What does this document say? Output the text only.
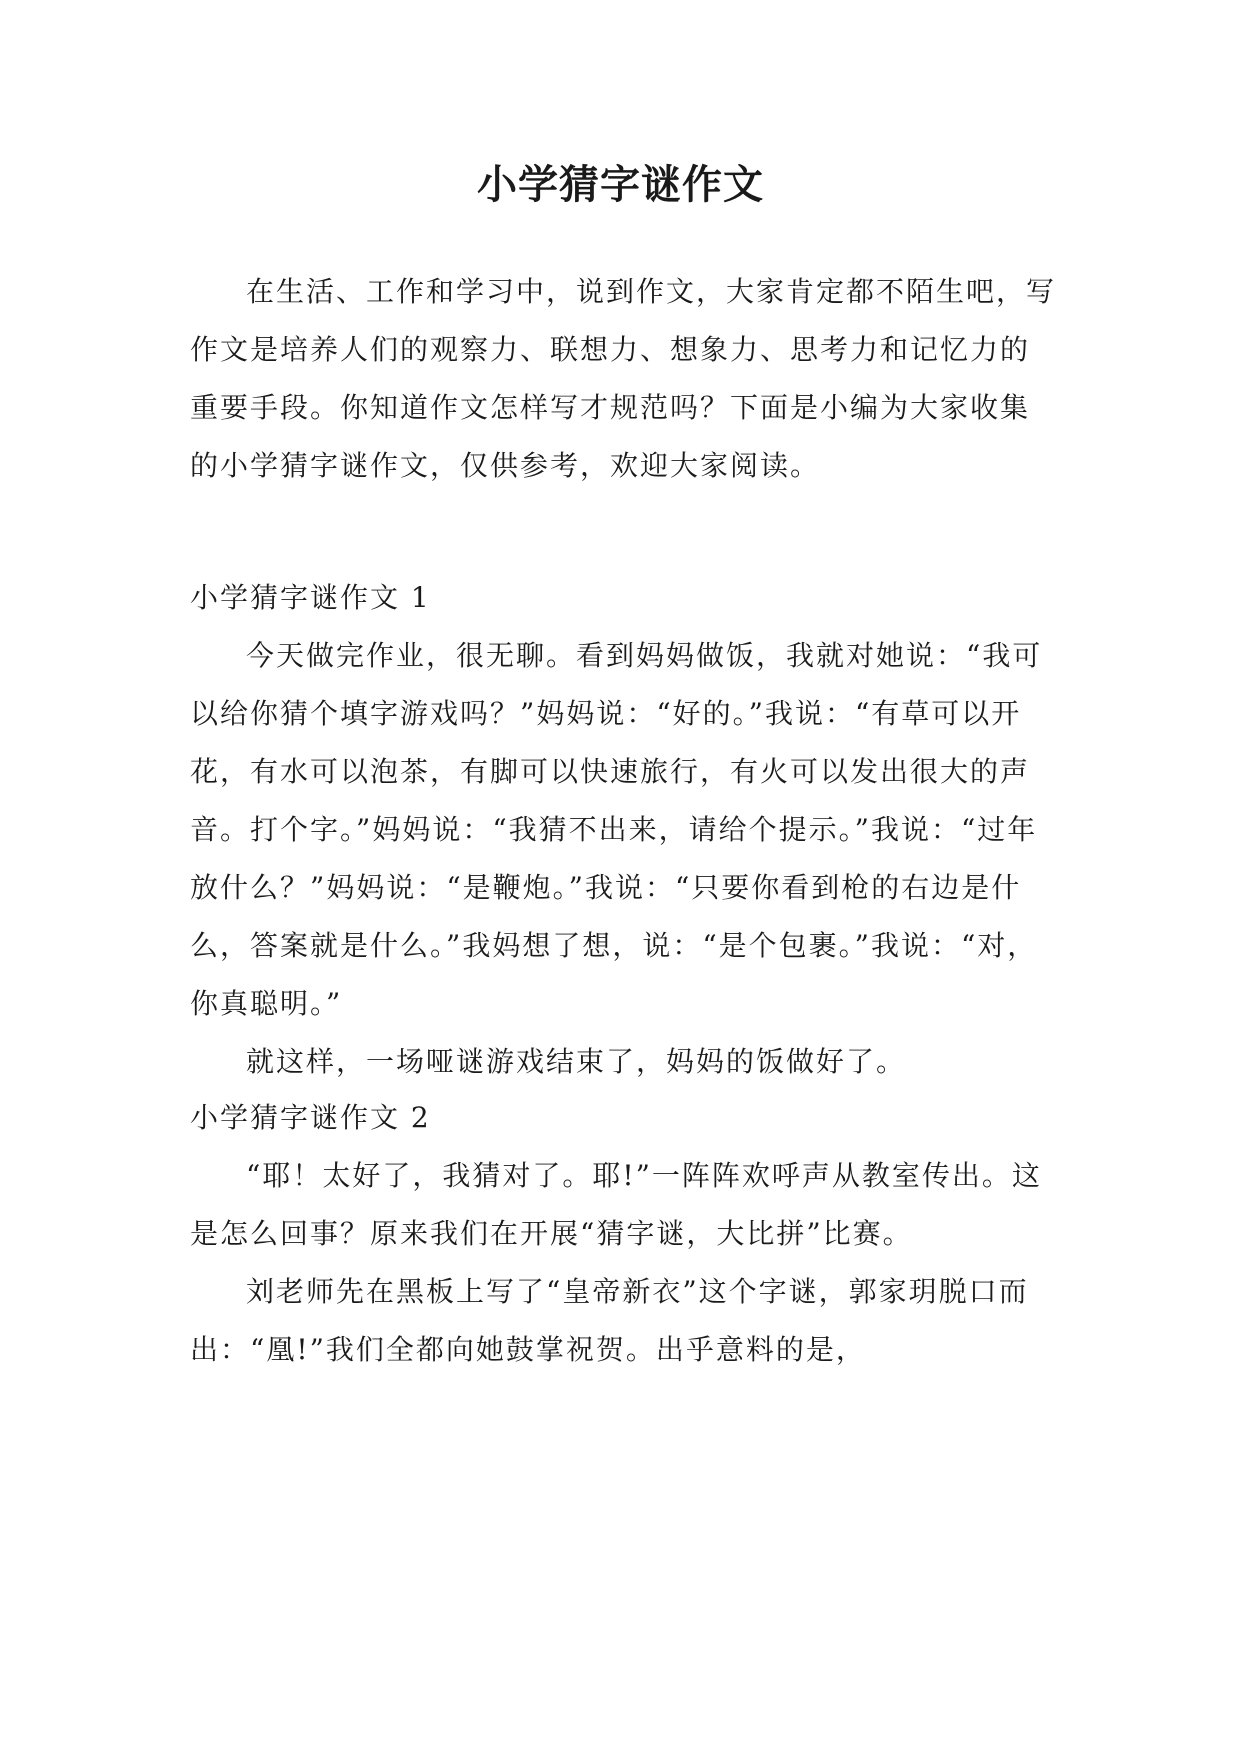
小学猜字谜作文

在生活、工作和学习中，说到作文，大家肯定都不陌生吧，写作文是培养人们的观察力、联想力、想象力、思考力和记忆力的重要手段。你知道作文怎样写才规范吗？下面是小编为大家收集的小学猜字谜作文，仅供参考，欢迎大家阅读。

小学猜字谜作文 1

今天做完作业，很无聊。看到妈妈做饭，我就对她说：“我可以给你猜个填字游戏吗？”妈妈说：“好的。”我说：“有草可以开花，有水可以泡茶，有脚可以快速旅行，有火可以发出很大的声音。打个字。”妈妈说：“我猜不出来，请给个提示。”我说：“过年放什么？”妈妈说：“是鞭炮。”我说：“只要你看到枪的右边是什么，答案就是什么。”我妈想了想，说：“是个包裹。”我说：“对，你真聪明。”

就这样，一场哑谜游戏结束了，妈妈的饭做好了。

小学猜字谜作文 2

“耶！太好了，我猜对了。耶!”一阵阵欢呼声从教室传出。这是怎么回事？原来我们在开展“猜字谜，大比拼”比赛。

刘老师先在黑板上写了“皇帝新衣”这个字谜，郭家玥脱口而出：“凰!”我们全都向她鼓掌祝贺。出乎意料的是，
